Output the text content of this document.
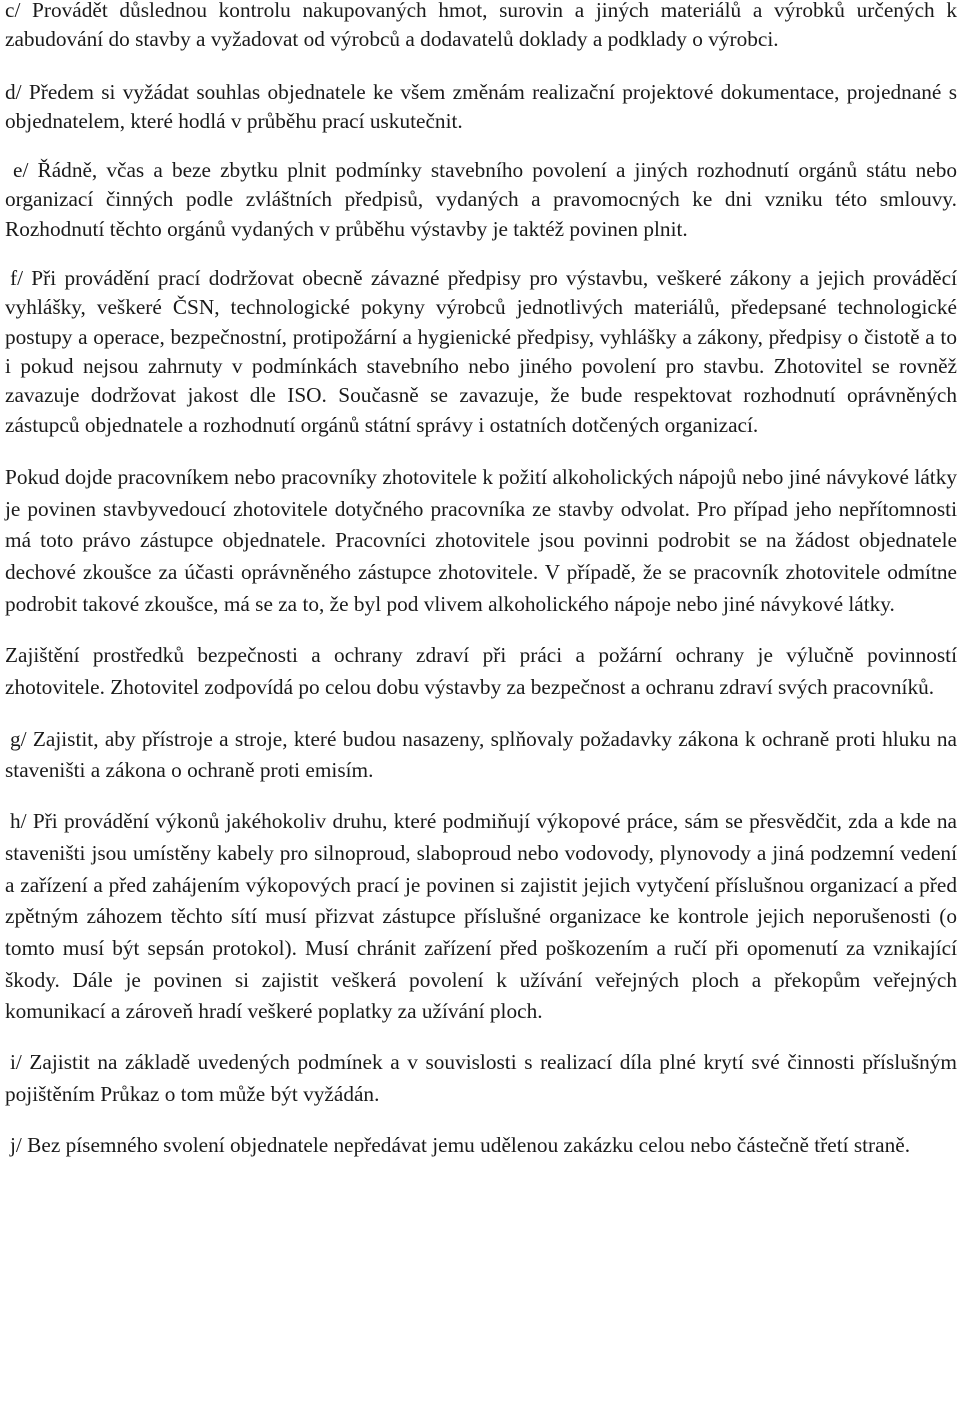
c/ Provádět důslednou kontrolu nakupovaných hmot, surovin a jiných materiálů a výrobků určených k zabudování do stavby a vyžadovat od výrobců a dodavatelů doklady a podklady o výrobci.

d/ Předem si vyžádat souhlas objednatele ke všem změnám realizační projektové dokumentace, projednané s objednatelem, které hodlá v průběhu prací uskutečnit.

e/ Řádně, včas a beze zbytku plnit podmínky stavebního povolení a jiných rozhodnutí orgánů státu nebo organizací činných podle zvláštních předpisů, vydaných a pravomocných ke dni vzniku této smlouvy. Rozhodnutí těchto orgánů vydaných v průběhu výstavby je taktéž povinen plnit.

f/ Při provádění prací dodržovat obecně závazné předpisy pro výstavbu, veškeré zákony a jejich prováděcí vyhlášky, veškeré ČSN, technologické pokyny výrobců jednotlivých materiálů, předepsané technologické postupy a operace, bezpečnostní, protipožární a hygienické předpisy, vyhlášky a zákony, předpisy o čistotě a to i pokud nejsou zahrnuty v podmínkách stavebního nebo jiného povolení pro stavbu. Zhotovitel se rovněž zavazuje dodržovat jakost dle ISO. Současně se zavazuje, že bude respektovat rozhodnutí oprávněných zástupců objednatele a rozhodnutí orgánů státní správy i ostatních dotčených organizací.

Pokud dojde pracovníkem nebo pracovníky zhotovitele k požití alkoholických nápojů nebo jiné návykové látky je povinen stavbyvedoucí zhotovitele dotyčného pracovníka ze stavby odvolat. Pro případ jeho nepřítomnosti má toto právo zástupce objednatele. Pracovníci zhotovitele jsou povinni podrobit se na žádost objednatele dechové zkoušce za účasti oprávněného zástupce zhotovitele. V případě, že se pracovník zhotovitele odmítne podrobit takové zkoušce, má se za to, že byl pod vlivem alkoholického nápoje nebo jiné návykové látky.

Zajištění prostředků bezpečnosti a ochrany zdraví při práci a požární ochrany je výlučně povinností zhotovitele. Zhotovitel zodpovídá po celou dobu výstavby za bezpečnost a ochranu zdraví svých pracovníků.

g/ Zajistit, aby přístroje a stroje, které budou nasazeny, splňovaly požadavky zákona k ochraně proti hluku na staveništi a zákona o ochraně proti emisím.

h/ Při provádění výkonů jakéhokoliv druhu, které podmiňují výkopové práce, sám se přesvědčit, zda a kde na staveništi jsou umístěny kabely pro silnoproud, slaboproud nebo vodovody, plynovody a jiná podzemní vedení a zařízení a před zahájením výkopových prací je povinen si zajistit jejich vytyčení příslušnou organizací a před zpětným záhozem těchto sítí musí přizvat zástupce příslušné organizace ke kontrole jejich neporušenosti (o tomto musí být sepsán protokol). Musí chránit zařízení před poškozením a ručí při opomenutí za vznikající škody. Dále je povinen si zajistit veškerá povolení k užívání veřejných ploch a překopům veřejných komunikací a zároveň hradí veškeré poplatky za užívání ploch.

i/ Zajistit na základě uvedených podmínek a v souvislosti s realizací díla plné krytí své činnosti příslušným pojištěním Průkaz o tom může být vyžádán.

j/ Bez písemného svolení objednatele nepředávat jemu udělenou zakázku celou nebo částečně třetí straně.
